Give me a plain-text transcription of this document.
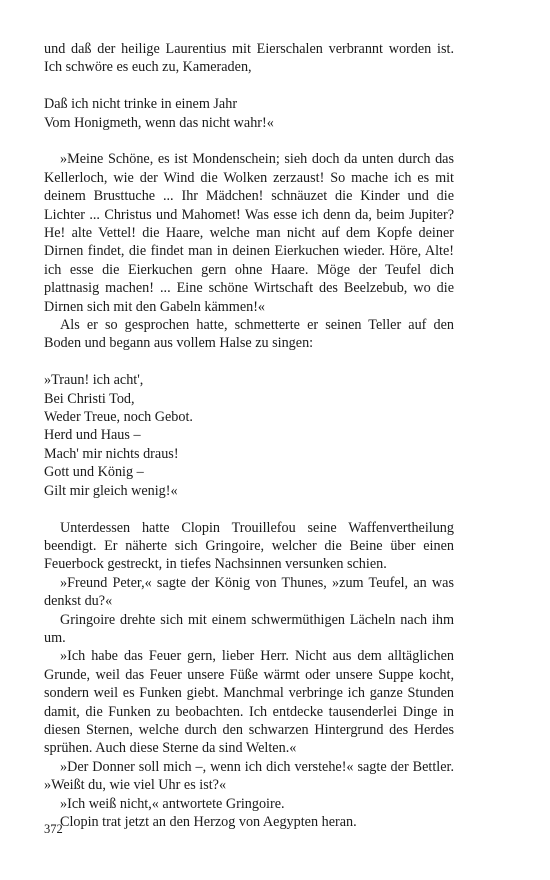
und daß der heilige Laurentius mit Eierschalen verbrannt worden ist. Ich schwöre es euch zu, Kameraden,

Daß ich nicht trinke in einem Jahr
Vom Honigmeth, wenn das nicht wahr!«

»Meine Schöne, es ist Mondenschein; sieh doch da unten durch das Kellerloch, wie der Wind die Wolken zerzaust! So mache ich es mit deinem Brusttuche ... Ihr Mädchen! schnäuzet die Kinder und die Lichter ... Christus und Mahomet! Was esse ich denn da, beim Jupiter? He! alte Vettel! die Haare, welche man nicht auf dem Kopfe deiner Dirnen findet, die findet man in deinen Eierkuchen wieder. Höre, Alte! ich esse die Eierkuchen gern ohne Haare. Möge der Teufel dich plattnasig machen! ... Eine schöne Wirtschaft des Beelzebub, wo die Dirnen sich mit den Gabeln kämmen!«

Als er so gesprochen hatte, schmetterte er seinen Teller auf den Boden und begann aus vollem Halse zu singen:

»Traun! ich acht',
Bei Christi Tod,
Weder Treue, noch Gebot.
Herd und Haus –
Mach' mir nichts draus!
Gott und König –
Gilt mir gleich wenig!«

Unterdessen hatte Clopin Trouillefou seine Waffenvertheilung beendigt. Er näherte sich Gringoire, welcher die Beine über einen Feuerbock gestreckt, in tiefes Nachsinnen versunken schien.

»Freund Peter,« sagte der König von Thunes, »zum Teufel, an was denkst du?«

Gringoire drehte sich mit einem schwermüthigen Lächeln nach ihm um.

»Ich habe das Feuer gern, lieber Herr. Nicht aus dem alltäglichen Grunde, weil das Feuer unsere Füße wärmt oder unsere Suppe kocht, sondern weil es Funken giebt. Manchmal verbringe ich ganze Stunden damit, die Funken zu beobachten. Ich entdecke tausenderlei Dinge in diesen Sternen, welche durch den schwarzen Hintergrund des Herdes sprühen. Auch diese Sterne da sind Welten.«

»Der Donner soll mich –, wenn ich dich verstehe!« sagte der Bettler. »Weißt du, wie viel Uhr es ist?«

»Ich weiß nicht,« antwortete Gringoire.

Clopin trat jetzt an den Herzog von Aegypten heran.

372
